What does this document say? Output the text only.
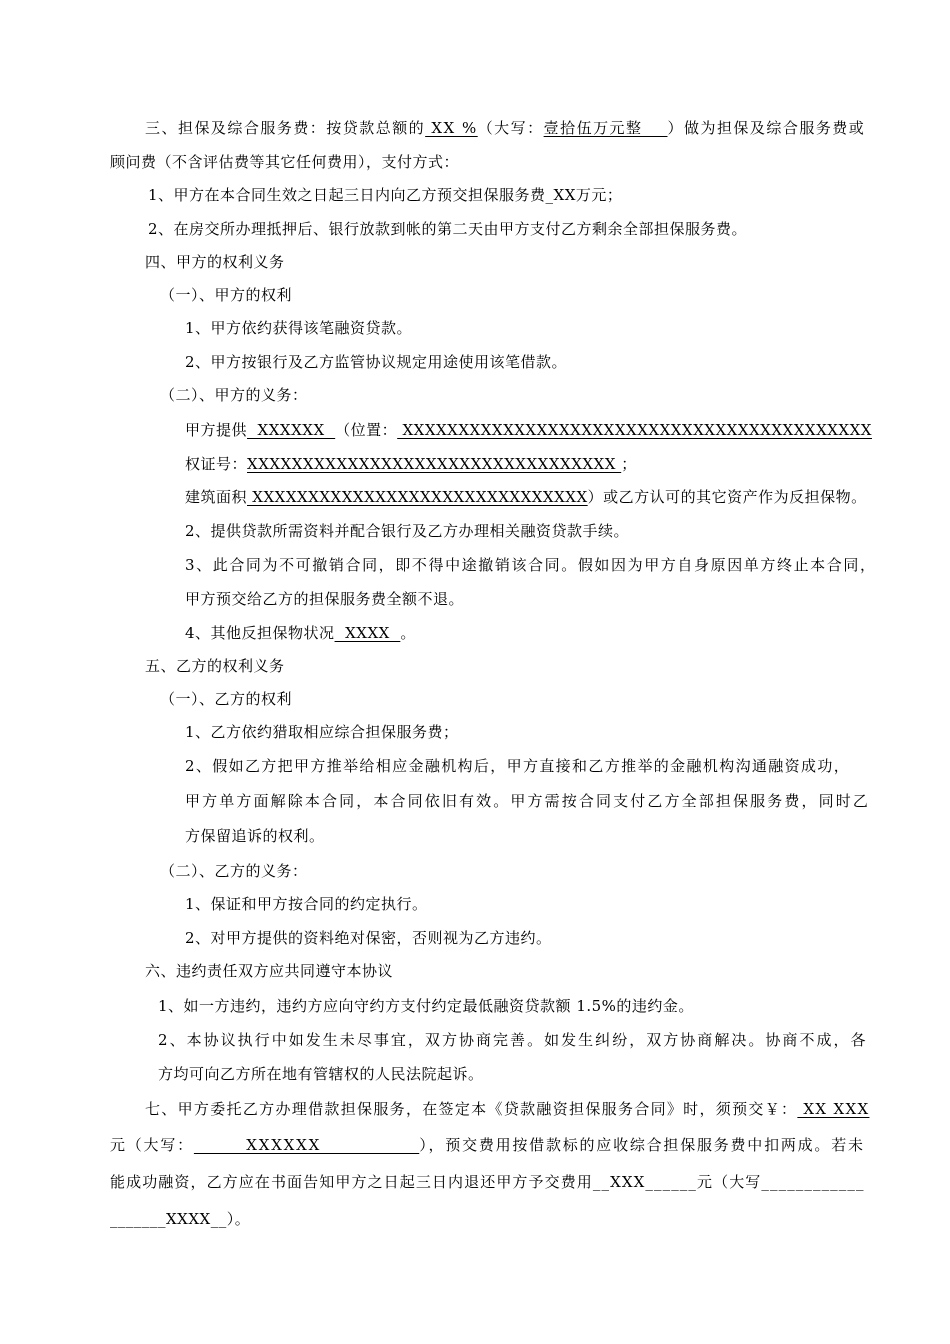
三、担保及综合服务费：按贷款总额的 XX %（大写：壹拾伍万元整    ）做为担保及综合服务费或
顾问费（不含评估费等其它任何费用），支付方式：
1、甲方在本合同生效之日起三日内向乙方预交担保服务费_XX万元；
2、在房交所办理抵押后、银行放款到帐的第二天由甲方支付乙方剩余全部担保服务费。
四、甲方的权利义务
（一）、甲方的权利
1、甲方依约获得该笔融资贷款。
2、甲方按银行及乙方监管协议规定用途使用该笔借款。
（二）、甲方的义务：
甲方提供  XXXXXX  （位置： XXXXXXXXXXXXXXXXXXXXXXXXXXXXXXXXXXXXXXXXXX
权证号：XXXXXXXXXXXXXXXXXXXXXXXXXXXXXXXXX ；
建筑面积 XXXXXXXXXXXXXXXXXXXXXXXXXXXXXX）或乙方认可的其它资产作为反担保物。
2、提供贷款所需资料并配合银行及乙方办理相关融资贷款手续。
3、此合同为不可撤销合同，即不得中途撤销该合同。假如因为甲方自身原因单方终止本合同，
甲方预交给乙方的担保服务费全额不退。
4、其他反担保物状况  XXXX  。
五、乙方的权利义务
（一）、乙方的权利
1、乙方依约猎取相应综合担保服务费；
2、假如乙方把甲方推举给相应金融机构后，甲方直接和乙方推举的金融机构沟通融资成功，
甲方单方面解除本合同，本合同依旧有效。甲方需按合同支付乙方全部担保服务费，同时乙
方保留追诉的权利。
（二）、乙方的义务：
1、保证和甲方按合同的约定执行。
2、对甲方提供的资料绝对保密，否则视为乙方违约。
六、违约责任双方应共同遵守本协议
1、如一方违约，违约方应向守约方支付约定最低融资贷款额 1.5%的违约金。
2、本协议执行中如发生未尽事宜，双方协商完善。如发生纠纷，双方协商解决。协商不成，各
方均可向乙方所在地有管辖权的人民法院起诉。
七、甲方委托乙方办理借款担保服务，在签定本《贷款融资担保服务合同》时，须预交￥： XX XXX
元（大写：        XXXXXX               ），预交费用按借款标的应收综合担保服务费中扣两成。若未
能成功融资，乙方应在书面告知甲方之日起三日内退还甲方予交费用__XXX______元（大写____________
_______XXXX__）。
